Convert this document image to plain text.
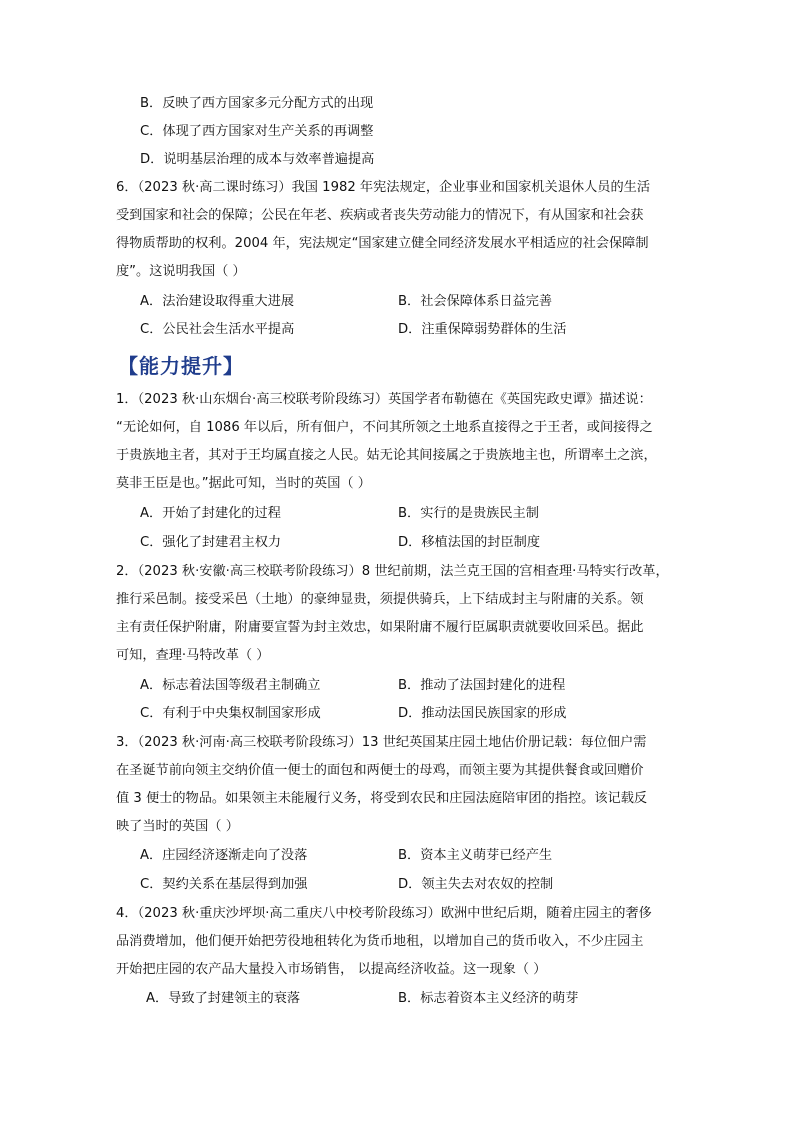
B．反映了西方国家多元分配方式的出现
C．体现了西方国家对生产关系的再调整
D．说明基层治理的成本与效率普遍提高
6．（2023 秋·高二课时练习）我国 1982 年宪法规定，企业事业和国家机关退休人员的生活
受到国家和社会的保障；公民在年老、疾病或者丧失劳动能力的情况下，有从国家和社会获
得物质帮助的权利。2004 年，宪法规定“国家建立健全同经济发展水平相适应的社会保障制
度”。这说明我国（ ）
A．法治建设取得重大进展	B．社会保障体系日益完善
C．公民社会生活水平提高	D．注重保障弱势群体的生活
【能力提升】
1．（2023 秋·山东烟台·高三校联考阶段练习）英国学者布勒德在《英国宪政史谭》描述说：
“无论如何，自 1086 年以后，所有佃户，不问其所领之土地系直接得之于王者，或间接得之
于贵族地主者，其对于王均属直接之人民。姑无论其间接属之于贵族地主也，所谓率土之滨，
莫非王臣是也。”据此可知，当时的英国（ ）
A．开始了封建化的过程	B．实行的是贵族民主制
C．强化了封建君主权力	D．移植法国的封臣制度
2．（2023 秋·安徽·高三校联考阶段练习）8 世纪前期，法兰克王国的宫相查理·马特实行改革，
推行采邑制。接受采邑（土地）的豪绅显贵，须提供骑兵，上下结成封主与附庸的关系。领
主有责任保护附庸，附庸要宣誓为封主效忠，如果附庸不履行臣属职责就要收回采邑。据此
可知，查理·马特改革（ ）
A．标志着法国等级君主制确立	B．推动了法国封建化的进程
C．有利于中央集权制国家形成	D．推动法国民族国家的形成
3．（2023 秋·河南·高三校联考阶段练习）13 世纪英国某庄园土地估价册记载：每位佃户需
在圣诞节前向领主交纳价值一便士的面包和两便士的母鸡，而领主要为其提供餐食或回赠价
值 3 便士的物品。如果领主未能履行义务，将受到农民和庄园法庭陪审团的指控。该记载反
映了当时的英国（ ）
A．庄园经济逐渐走向了没落	B．资本主义萌芽已经产生
C．契约关系在基层得到加强	D．领主失去对农奴的控制
4．（2023 秋·重庆沙坪坝·高二重庆八中校考阶段练习）欧洲中世纪后期，随着庄园主的奢侈
品消费增加，他们便开始把劳役地租转化为货币地租，以增加自己的货币收入，不少庄园主
开始把庄园的农产品大量投入市场销售， 以提高经济收益。这一现象（ ）
A．导致了封建领主的衰落	B．标志着资本主义经济的萌芽
